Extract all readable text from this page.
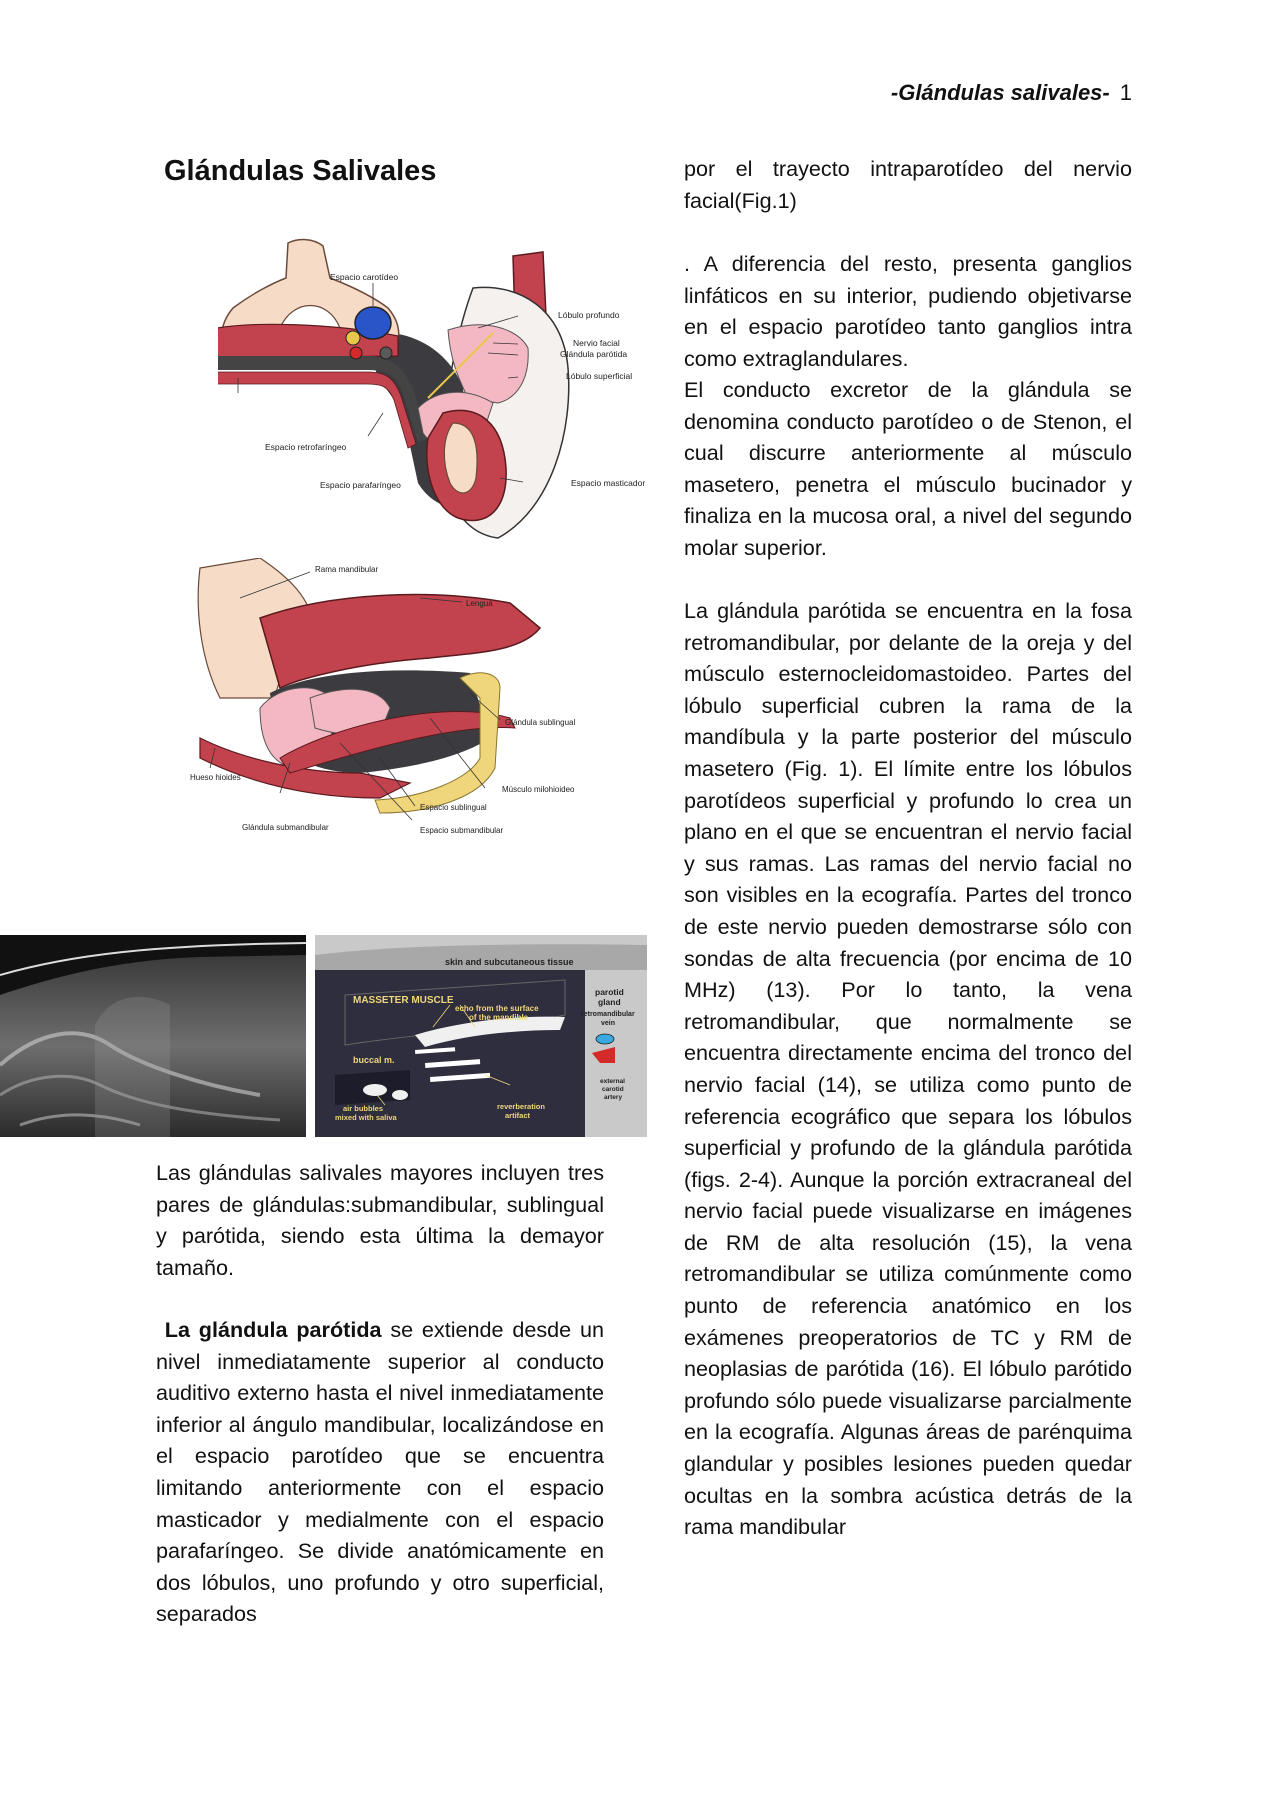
-Glándulas salivales- 1
Glándulas Salivales
Espacio carotídeo
Lóbulo profundo
Nervio facial
Glándula parótida
Lóbulo superficial
Espacio retrofaríngeo
Espacio parafaríngeo	Espacio masticador
Rama mandibular
Lengua
Glándula sublingual
Músculo milohioideo
Hueso hioides
Espacio sublingual
Glándula submandibular	Espacio submandibular
skin and subcutaneous tissue
MASSETER MUSCLE
echo from the surface
of the mandible
parotid
gland
retromandibular
vein
buccal m.
external
carotid
artery
air bubbles
mixed with saliva
reverberation
artifact

Las glándulas salivales mayores incluyen tres pares de glándulas:submandibular, sublingual y parótida, siendo esta última la demayor tamaño.

La glándula parótida se extiende desde un nivel inmediatamente superior al conducto auditivo externo hasta el nivel inmediatamente inferior al ángulo mandibular, localizándose en el espacio parotídeo que se encuentra limitando anteriormente con el espacio masticador y medialmente con el espacio parafaríngeo. Se divide anatómicamente en dos lóbulos, uno profundo y otro superficial, separados

por el trayecto intraparotídeo del nervio facial(Fig.1)

. A diferencia del resto, presenta ganglios linfáticos en su interior, pudiendo objetivarse en el espacio parotídeo tanto ganglios intra como extraglandulares.

El conducto excretor de la glándula se denomina conducto parotídeo o de Stenon, el cual discurre anteriormente al músculo masetero, penetra el músculo bucinador y finaliza en la mucosa oral, a nivel del segundo molar superior.

La glándula parótida se encuentra en la fosa retromandibular, por delante de la oreja y del músculo esternocleidomastoideo. Partes del lóbulo superficial cubren la rama de la mandíbula y la parte posterior del músculo masetero (Fig. 1). El límite entre los lóbulos parotídeos superficial y profundo lo crea un plano en el que se encuentran el nervio facial y sus ramas. Las ramas del nervio facial no son visibles en la ecografía. Partes del tronco de este nervio pueden demostrarse sólo con sondas de alta frecuencia (por encima de 10 MHz) (13). Por lo tanto, la vena retromandibular, que normalmente se encuentra directamente encima del tronco del nervio facial (14), se utiliza como punto de referencia ecográfico que separa los lóbulos superficial y profundo de la glándula parótida (figs. 2-4). Aunque la porción extracraneal del nervio facial puede visualizarse en imágenes de RM de alta resolución (15), la vena retromandibular se utiliza comúnmente como punto de referencia anatómico en los exámenes preoperatorios de TC y RM de neoplasias de parótida (16). El lóbulo parótido profundo sólo puede visualizarse parcialmente en la ecografía. Algunas áreas de parénquima glandular y posibles lesiones pueden quedar ocultas en la sombra acústica detrás de la rama mandibular
